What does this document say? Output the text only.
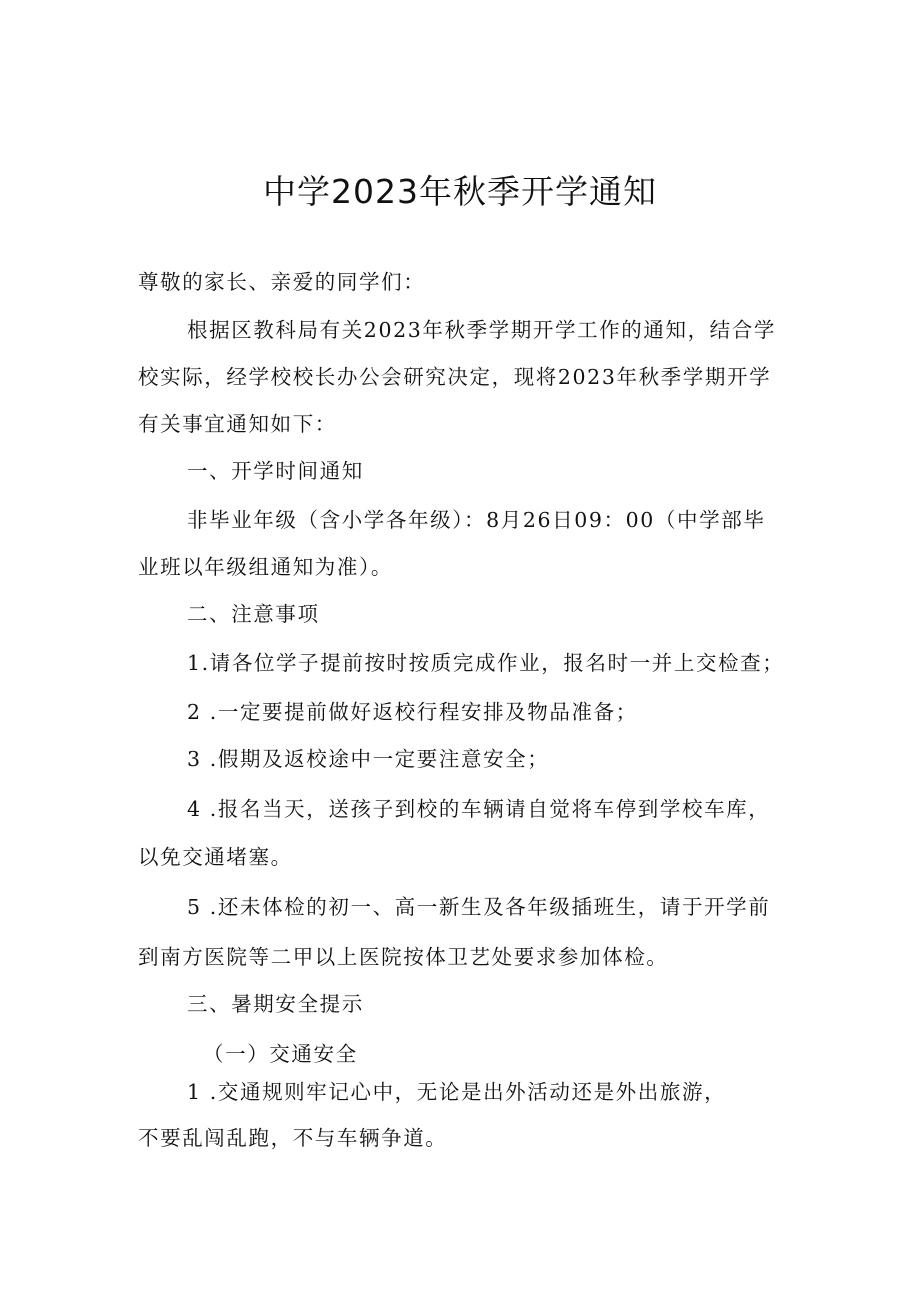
中学2023年秋季开学通知
尊敬的家长、亲爱的同学们：
根据区教科局有关2023年秋季学期开学工作的通知，结合学
校实际，经学校校长办公会研究决定，现将2023年秋季学期开学
有关事宜通知如下：
一、开学时间通知
非毕业年级（含小学各年级）：8月26日09：00（中学部毕
业班以年级组通知为准）。
二、注意事项
1.请各位学子提前按时按质完成作业，报名时一并上交检查；
2 .一定要提前做好返校行程安排及物品准备；
3 .假期及返校途中一定要注意安全；
4 .报名当天，送孩子到校的车辆请自觉将车停到学校车库，
以免交通堵塞。
5 .还未体检的初一、高一新生及各年级插班生，请于开学前
到南方医院等二甲以上医院按体卫艺处要求参加体检。
三、暑期安全提示
（一）交通安全
1 .交通规则牢记心中，无论是出外活动还是外出旅游，
不要乱闯乱跑，不与车辆争道。
